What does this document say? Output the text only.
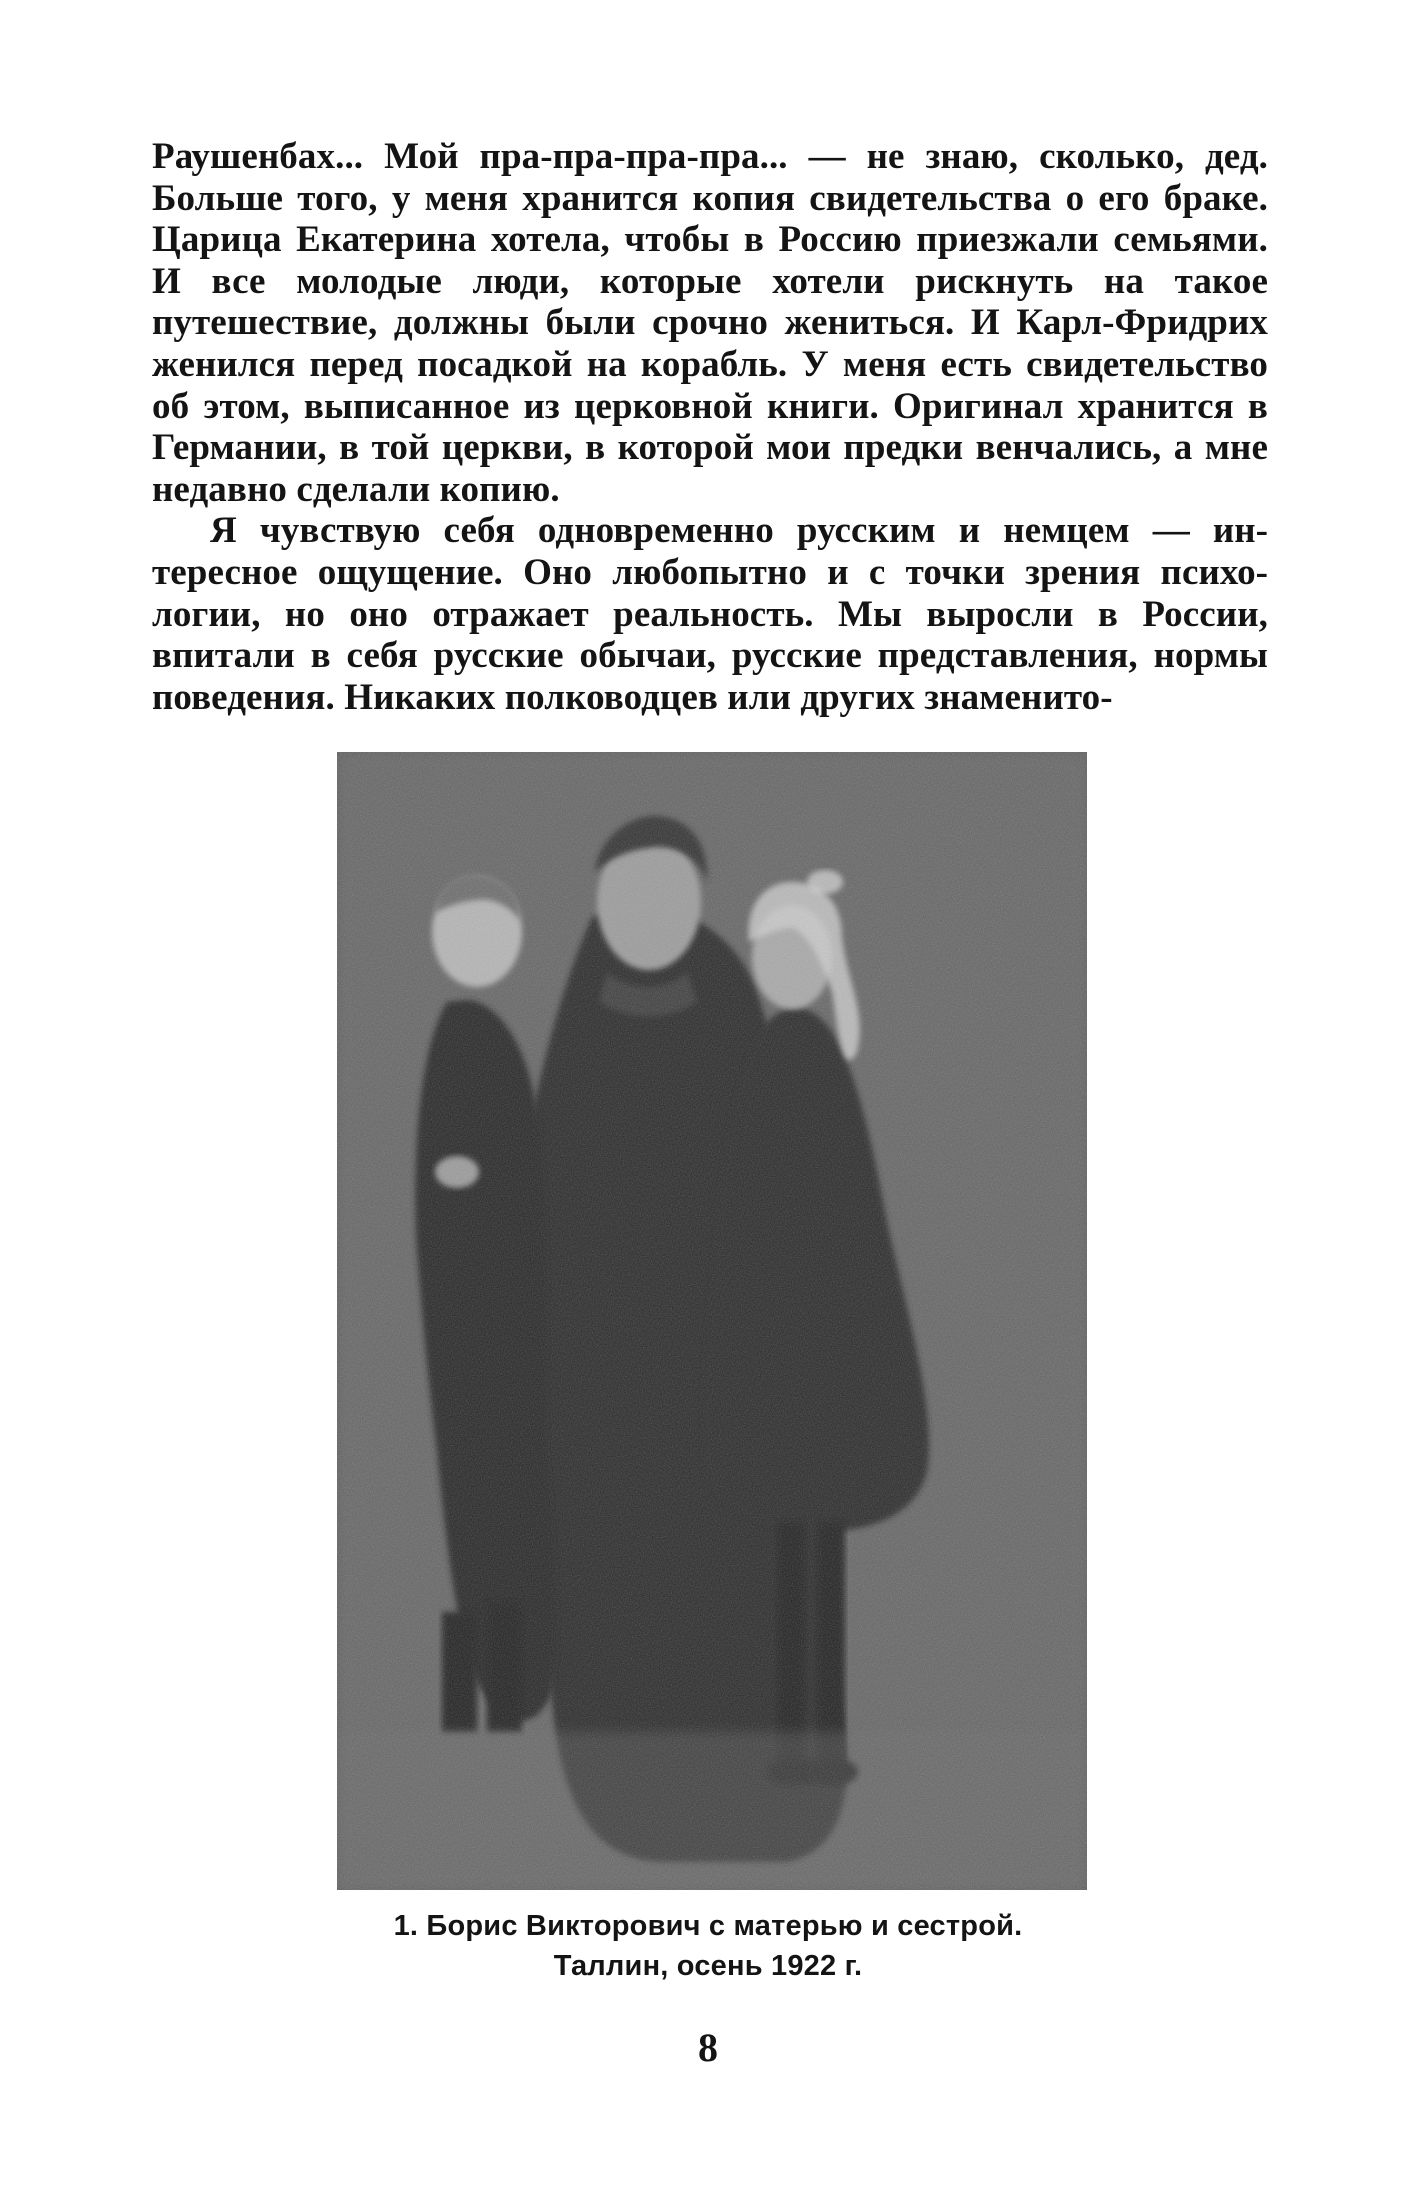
Раушенбах... Мой пра-пра-пра-пра... — не знаю, сколько, дед. Больше того, у меня хранится копия свидетельства о его браке. Царица Екатерина хотела, чтобы в Россию приезжали семьями. И все молодые люди, которые хотели рискнуть на такое путешествие, должны были срочно жениться. И Карл-Фридрих женился перед посадкой на корабль. У меня есть свидетельство об этом, выписанное из церковной книги. Оригинал хранится в Германии, в той церкви, в которой мои предки венчались, а мне недавно сделали копию.

Я чувствую себя одновременно русским и немцем — интересное ощущение. Оно любопытно и с точки зрения психологии, но оно отражает реальность. Мы выросли в России, впитали в себя русские обычаи, русские представления, нормы поведения. Никаких полководцев или других знаменито-

1. Борис Викторович с матерью и сестрой.
Таллин, осень 1922 г.
8
